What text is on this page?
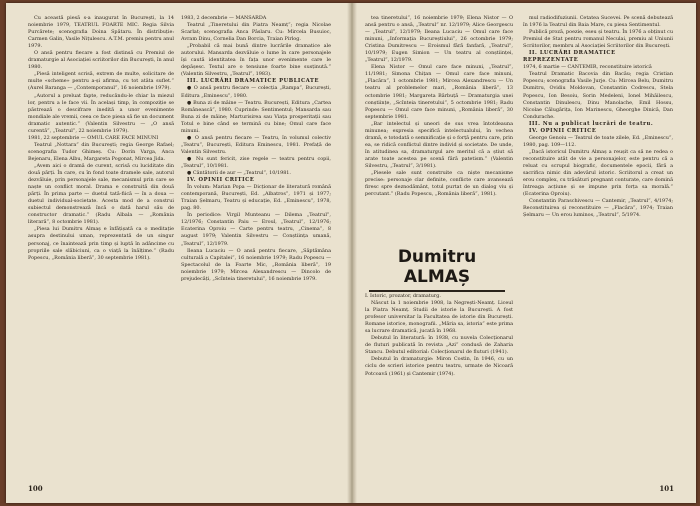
Cu această piesă s-a inaugurat în București, la 14 noiembrie 1979, TEATRUL FOARTE MIC. Regia Silvia Purcărete; scenografia Doina Spătaru. În distribuție: Carmen Galin, Vasile Nițulescu. A.T.M. premiu pentru anul 1979.

O ansă pentru fiecare a fost distinsă cu Premiul de dramaturgie al Asociației scriitorilor din București, în anul 1980.

„Piesă inteligent scrisă, extrem de multe, solicitare de multe «scheme» pentru a-și afirma, cu tot atâta suflet.” (Aurel Baranga — „Contemporanul”, 16 noiembrie 1979).

„Autorul a preluat fapte, reducându-le chiar la miezul lor, pentru a le face vii. În același timp, în compoziție se păstrează o descifrare inedită a unor evenimente mondiale ale vremii, ceea ce face piesa să fie un document dramatic autentic.” (Valentin Silvestru — „O ansă curentă”, „Teatrul”, 22 noiembrie 1979).

1981, 22 septembrie — OMUL CARE FACE MINUNI

Teatrul „Nottara” din București; regia George Rafael; scenografia Tudor Ghimeș. Cu: Dorin Varga, Anca Bejenaru, Elena Albu, Margareta Pogonat, Mircea Jida.

„Avem aici o dramă de curent, scrisă cu luciditate din două părți. În care, cu în fond toate dramele sale, autorul dezvăluie, prin personajele sale, mecanismul prin care se naște un conflict moral. Drama e construită din două părți. În prima parte — duetul tată-fiică — în a doua — duetul individual-societate. Acesta mod de a construi subiectul demonstrează încă o dată harul său de constructor dramatic.” (Radu Albala — „România literară”, 8 octombrie 1981).

„Piesa lui Dumitru Almaș e înfățișată ca o meditație asupra destinului uman, reprezentată de un singur personaj, ce înaintează prin timp și luptă în adâncime cu propriile sale slăbiciuni, ca o viață la înălțime.” (Radu Popescu, „România liberă”, 30 septembrie 1981).

1983, 2 decembrie — MANSARDA

Teatrul „Tineretului din Piatra Neamț”; regia Nicolae Scarlat; scenografia Anca Pâslaru. Cu: Mircela Busuioc, Avram Dinu, Cornelia Dan Borcia, Traian Pirlog.

„Probabil că mai bună dintre lucrările dramatice ale autorului. Mansarda dezvăluie o lume în care personajele își caută identitatea în fața unor evenimente care le depășesc. Textul are o tensiune foarte bine susținută.” (Valentin Silvestru, „Teatrul”, 1983).

III. LUCRĂRI DRAMATICE PUBLICATE

● O ansă pentru fiecare — colecția „Rampa”, București, Editura „Eminescu”, 1980.

● Buna zi de mâine — Teatru. București, Editura „Cartea Românească”, 1980. Cuprinde: Sentimentul; Mansarda sau Buna zi de mâine; Marturisirea sau Viața prosperitații sau Totul e bine când se termină cu bine; Omul care face minuni.

● O ansă pentru fiecare — Teatru, în volumul colectiv „Teatru”, București, Editura Eminescu, 1981. Prefață de Valentin Silvestru.

● Nu sunt fericit, zise regele — teatru pentru copii, „Teatrul”, 10/1981.

● Cântătorii de aur — „Teatrul”, 10/1981.

IV. OPINII CRITICE

În volum: Marian Popa — Dicționar de literatură română contemporană, București, Ed. „Albatros”, 1971 și 1977; Traian Șelmaru, Teatru și educație, Ed. „Eminescu”, 1978, pag. 80.

În periodice: Virgil Munteanu — Dilema „Teatrul”, 12/1976; Constantin Paiu — Eroul, „Teatrul”, 12/1976; Ecaterina Oproiu — Carte pentru teatru, „Cinema”, 8 august 1979; Valentin Silvestru — Conștiința umană, „Teatrul”, 12/1979.

Ileana Lucaciu — O ansă pentru fiecare, „Săptămâna culturală a Capitalei”, 16 noiembrie 1979; Radu Popescu — Spectacolul de la Foarte Mic, „România liberă”, 19 noiembrie 1979; Mircea Alexandrescu — Dincolo de prejudecăți, „Scînteia tineretului”, 16 noiembrie 1979.

100

tea tineretului”, 16 noiembrie 1979; Elena Nistor — O ansă pentru o ansă, „Teatrul” nr. 12/1979; Alice Georgescu — „Teatrul”, 12/1979; Ileana Lucaciu — Omul care face minuni, „Informația Bucureștiului”, 26 octombrie 1979; Cristina Dumitrescu — Eroismul fără fanfară, „Teatrul”, 10/1979; Eugen Simion — Un teatru al conștiinței, „Teatrul”, 12/1979.

Elena Nistor — Omul care face minuni, „Teatrul”, 11/1981; Simona Chițan — Omul care face minuni, „Flacăra”, 1 octombrie 1981; Mircea Alexandrescu — Un teatru al problemelor mari, „România liberă”, 13 octombrie 1981; Margareta Bărbuță — Dramaturgia unei conștiințe, „Scînteia tineretului”, 5 octombrie 1981; Radu Popescu — Omul care face minuni, „România liberă”, 30 septembrie 1981.

„Bar intelectul și uneori de sus vrea întotdeauna minunea; expresia specifică intelectualului, în vechea dramă, e totodată o semnificație și o forță pentru care, prin ea, se ridică conflictul dintre individ și societate. De unde, în atitudinea sa, dramaturgul are meritul că a știut să arate toate acestea pe scenă fără patetism.” (Valentin Silvestru, „Teatrul”, 3/1981).

„Piesele sale sunt construite ca niște mecanisme precise: personaje clar definite, conflicte care avansează firesc spre deznodământ, totul purtat de un dialog viu și percutant.” (Radu Popescu, „România liberă”, 1981).

Dumitru ALMAȘ

I. Istoric, prozator, dramaturg.

Născut la 1 noiembrie 1908, la Negrești-Neamț. Liceul la Piatra Neamț. Studii de istorie la București. A fost profesor universitar la Facultatea de istorie din București. Romane istorice, monografii. „Măria sa, istoria” este prima sa lucrare dramatică, jucată în 1968.

Debutul în literatură: în 1938, cu nuvela Colecționarul de fluturi publicată în revista „Azi” condusă de Zaharia Stancu. Debutul editorial: Colecționarul de fluturi (1941).

Debutul în dramaturgie: Miron Costin, în 1946, cu un ciclu de scrieri istorice pentru teatru, urmate de Nicoară Potcoavă (1961) și Cantemir (1974).

mul radiodifuziunii. Cetatea Sucevei. Pe scenă debutează în 1976 la Teatrul din Baia Mare, cu piesa Sentimentul.

Publică proză, poezie, eseu și teatru. În 1976 a obținut cu Premiul de Stat pentru romanul Neculai, premiu al Uniunii Scriitorilor, membru al Asociației Scriitorilor din București.

II. LUCRĂRI DRAMATICE REPREZENTATE

1974, 6 martie — CANTEMIR, reconstituire istorică

Teatrul Dramatic Bacovia din Bacău; regia Cristian Popescu; scenografia Vasile Jurje. Cu: Mircea Belu, Dumitru Dumitru, Ovidiu Moldovan, Constantin Codrescu, Stela Popescu, Ion Besoiu, Sorin Medeleni, Ionel Mihăilescu, Constantin Dinulescu, Dinu Manolache, Emil Hossu, Nicolae Călugărița, Ion Marinescu, Gheorghe Dinică, Dan Condurache.

III. Nu a publicat lucrări de teatru.

IV. OPINII CRITICE

George Genoiu — Teatrul de toate zilele, Ed. „Eminescu”, 1980, pag. 109—112.

„Dacă istoricul Dumitru Almaș a reușit ca să ne redea o reconstituire atât de vie a personajelor, este pentru că a reluat cu scrupul biografic, documentele epocii, fără a sacrifica nimic din adevărul istoric. Scriitorul a creat un erou complex, cu trăsături pregnant conturate, care domină întreaga acțiune și se impune prin forța sa morală.” (Ecaterina Oproiu).

Constantin Paraschivescu — Cantemir, „Teatrul”, 4/1974; Reconstituirea și reconstituire — „Flacăra”, 1974; Traian Șelmaru — Un erou luminos, „Teatrul”, 5/1974.

101
